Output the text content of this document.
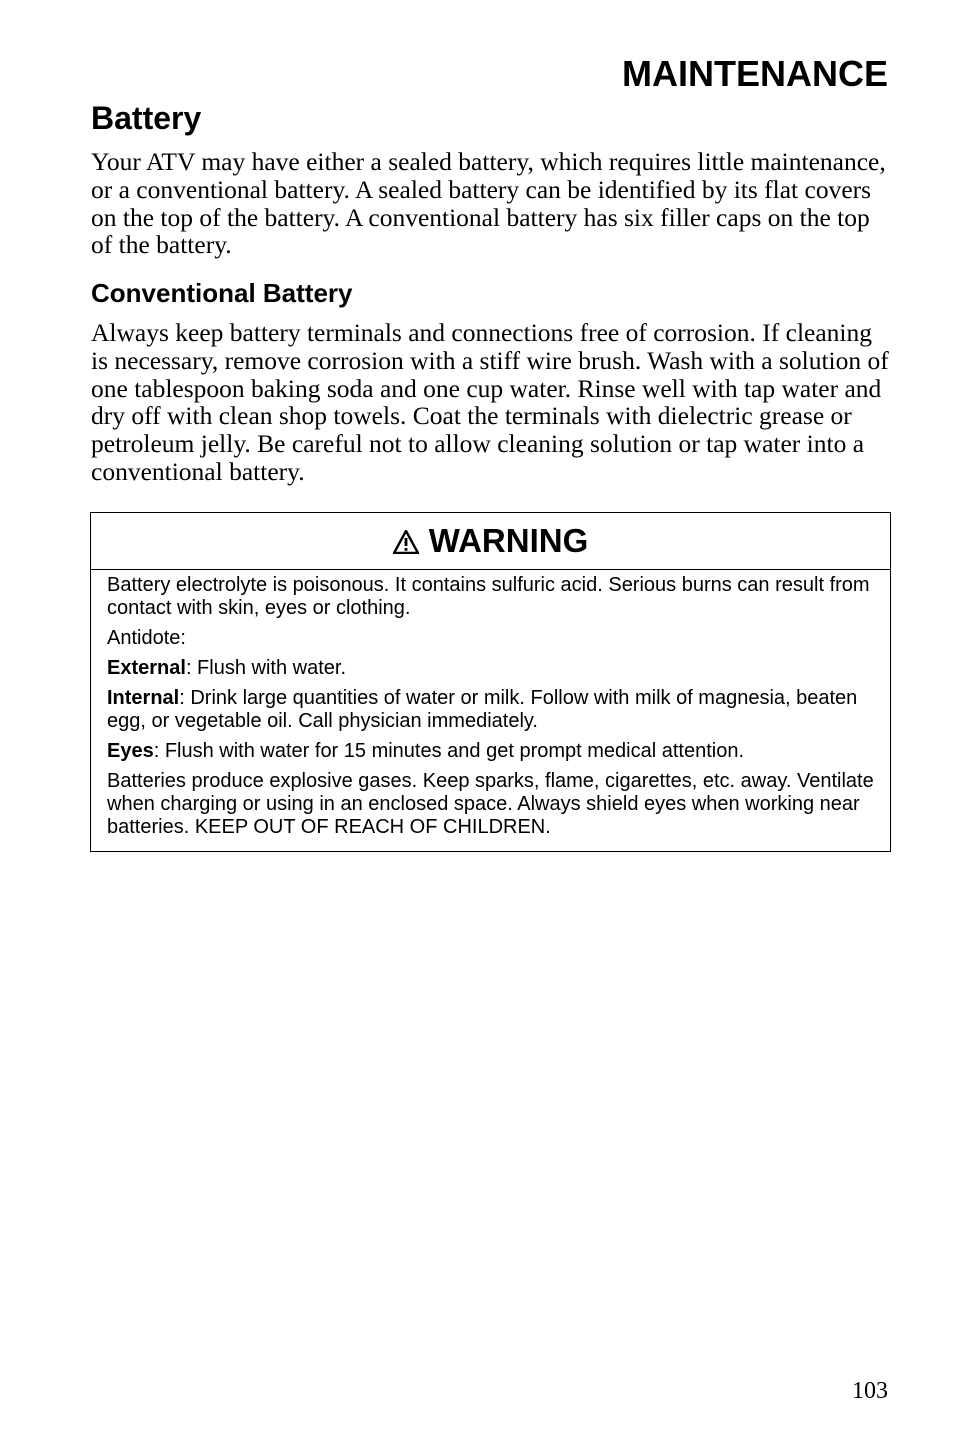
MAINTENANCE
Battery

Your ATV may have either a sealed battery, which requires little maintenance, or a conventional battery. A sealed battery can be identified by its flat covers on the top of the battery. A conventional battery has six filler caps on the top of the battery.

Conventional Battery

Always keep battery terminals and connections free of corrosion. If cleaning is necessary, remove corrosion with a stiff wire brush. Wash with a solution of one tablespoon baking soda and one cup water. Rinse well with tap water and dry off with clean shop towels. Coat the terminals with dielectric grease or petroleum jelly. Be careful not to allow cleaning solution or tap water into a conventional battery.

WARNING

Battery electrolyte is poisonous. It contains sulfuric acid. Serious burns can result from contact with skin, eyes or clothing.

Antidote:

External: Flush with water.

Internal: Drink large quantities of water or milk. Follow with milk of magnesia, beaten egg, or vegetable oil. Call physician immediately.

Eyes: Flush with water for 15 minutes and get prompt medical attention.

Batteries produce explosive gases. Keep sparks, flame, cigarettes, etc. away. Ventilate when charging or using in an enclosed space. Always shield eyes when working near batteries. KEEP OUT OF REACH OF CHILDREN.

103
